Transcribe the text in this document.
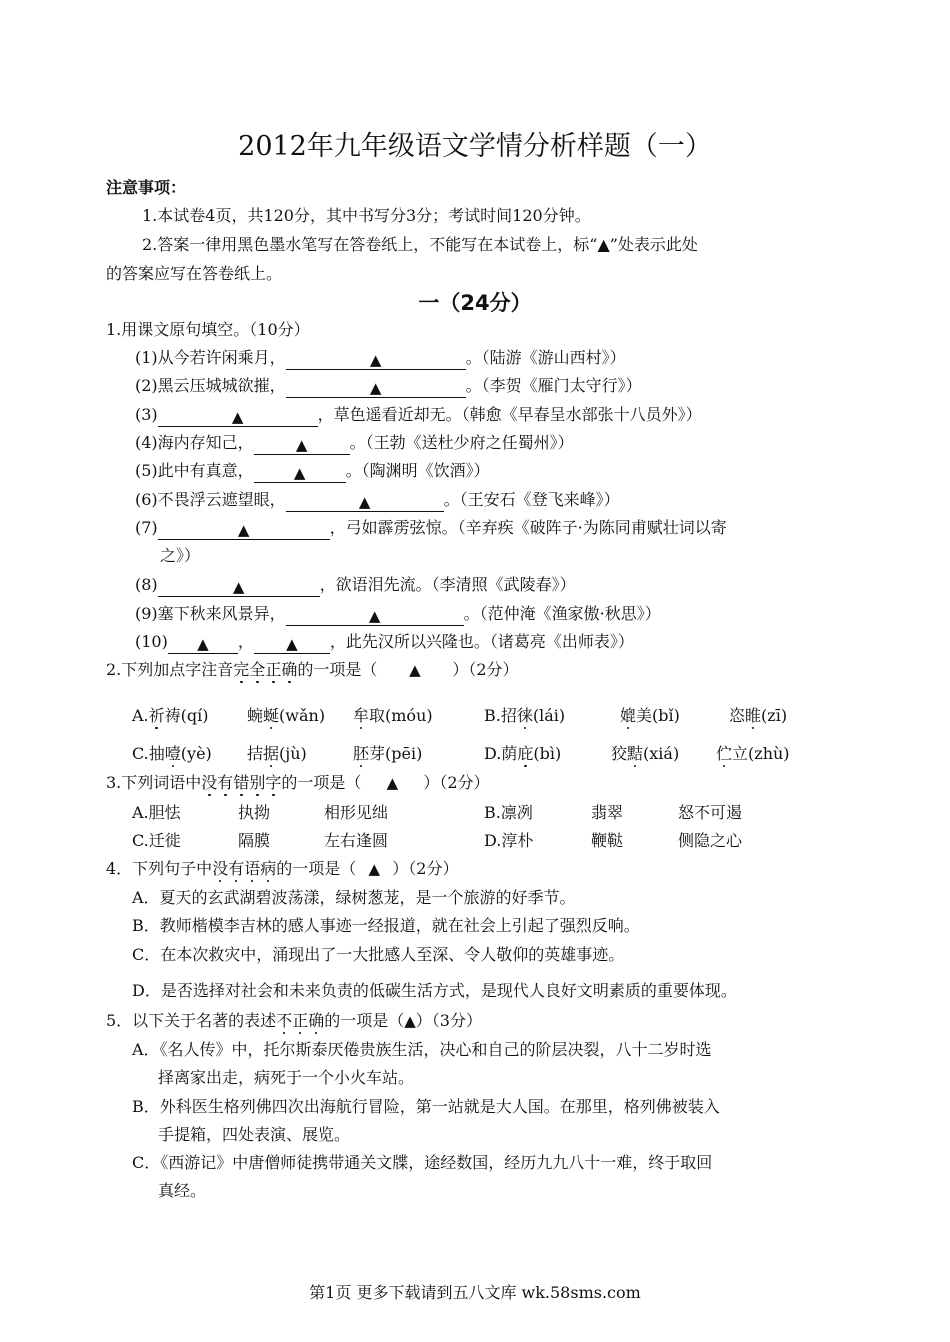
2012年九年级语文学情分析样题（一）
注意事项：
1.本试卷4页，共120分，其中书写分3分；考试时间120分钟。
2.答案一律用黑色墨水笔写在答卷纸上，不能写在本试卷上，标“▲”处表示此处
的答案应写在答卷纸上。
一（24分）
1.用课文原句填空。（10分）
(1)从今若许闲乘月，	▲	。（陆游《游山西村》）
(2)黑云压城城欲摧，	▲	。（李贺《雁门太守行》）
(3)	▲	，草色遥看近却无。（韩愈《早春呈水部张十八员外》）
(4)海内存知己，	▲	。（王勃《送杜少府之任蜀州》）
(5)此中有真意，	▲	。（陶渊明《饮酒》）
(6)不畏浮云遮望眼，	▲	。（王安石《登飞来峰》）
(7)	▲	，弓如霹雳弦惊。（辛弃疾《破阵子·为陈同甫赋壮词以寄
之》）
(8)	▲	，欲语泪先流。（李清照《武陵春》）
(9)塞下秋来风景异，	▲	。（范仲淹《渔家傲·秋思》）
(10) ▲ ， ▲ ，此先汉所以兴隆也。（诸葛亮《出师表》）
2.下列加点字注音完全正确的一项是（ ▲ ）（2分）
A.祈祷(qí) 蜿蜒(wǎn) 牟取(móu)	B.招徕(lái)	媲美(bǐ)	恣睢(zī)
C.抽噎(yè) 拮据(jù)	胚芽(pēi)	D.荫庇(bì)	狡黠(xiá) 伫立(zhù)
3.下列词语中没有错别字的一项是（ ▲ ）（2分）
A.胆怯	执拗	相形见绌	B.凛冽	翡翠	怒不可遏
C.迁徙	隔膜	左右逢圆	D.淳朴	鞭鞑	侧隐之心
4．下列句子中没有语病的一项是（ ▲ ）（2分）
A．夏天的玄武湖碧波荡漾，绿树葱茏，是一个旅游的好季节。
B．教师楷模李吉林的感人事迹一经报道，就在社会上引起了强烈反响。
C．在本次救灾中，涌现出了一大批感人至深、令人敬仰的英雄事迹。
D．是否选择对社会和未来负责的低碳生活方式，是现代人良好文明素质的重要体现。
5．以下关于名著的表述不正确的一项是（▲）（3分）
A．《名人传》中，托尔斯泰厌倦贵族生活，决心和自己的阶层决裂，八十二岁时选
择离家出走，病死于一个小火车站。
B．外科医生格列佛四次出海航行冒险，第一站就是大人国。在那里，格列佛被装入
手提箱，四处表演、展览。
C．《西游记》中唐僧师徒携带通关文牒，途经数国，经历九九八十一难，终于取回
真经。
第1页 更多下载请到五八文库 wk.58sms.com
